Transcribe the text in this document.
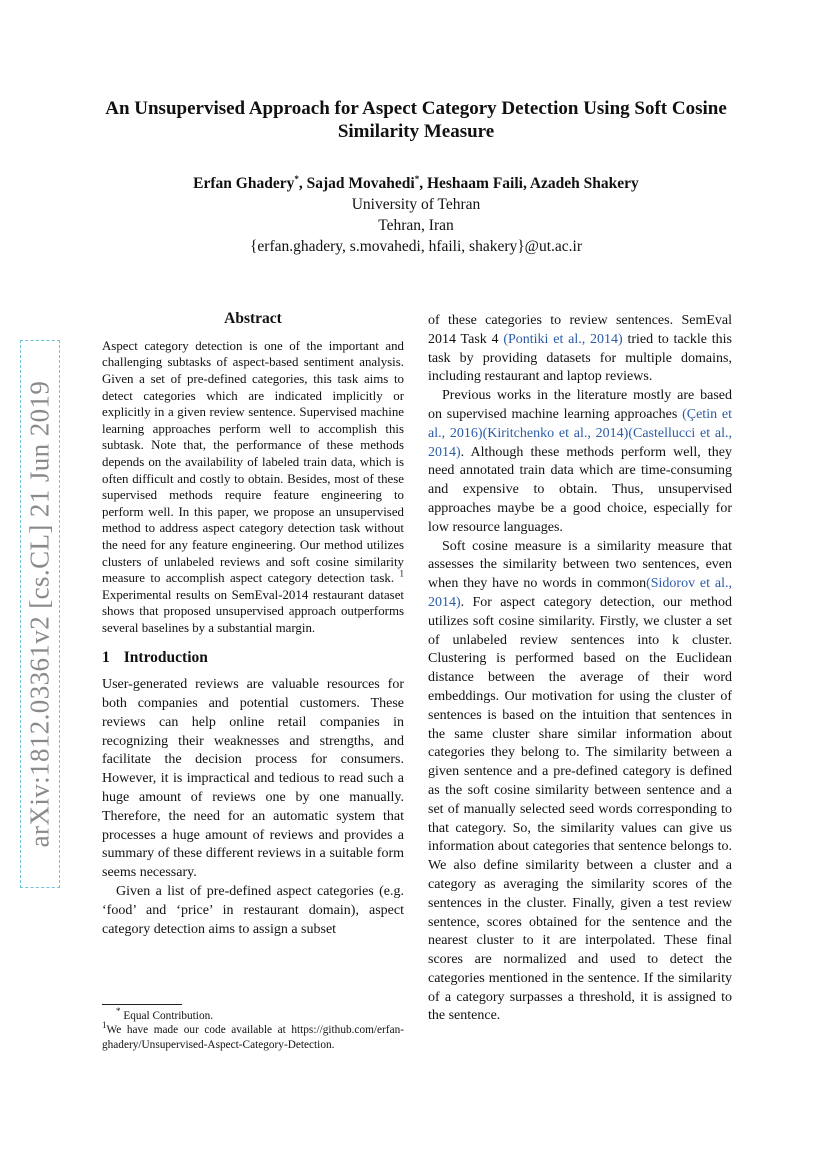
arXiv:1812.03361v2 [cs.CL] 21 Jun 2019
An Unsupervised Approach for Aspect Category Detection Using Soft Cosine Similarity Measure
Erfan Ghadery*, Sajad Movahedi*, Heshaam Faili, Azadeh Shakery
University of Tehran
Tehran, Iran
{erfan.ghadery, s.movahedi, hfaili, shakery}@ut.ac.ir
Abstract

Aspect category detection is one of the important and challenging subtasks of aspect-based sentiment analysis. Given a set of pre-defined categories, this task aims to detect categories which are indicated implicitly or explicitly in a given review sentence. Supervised machine learning approaches perform well to accomplish this subtask. Note that, the performance of these methods depends on the availability of labeled train data, which is often difficult and costly to obtain. Besides, most of these supervised methods require feature engineering to perform well. In this paper, we propose an unsupervised method to address aspect category detection task without the need for any feature engineering. Our method utilizes clusters of unlabeled reviews and soft cosine similarity measure to accomplish aspect category detection task. $^1$ Experimental results on SemEval-2014 restaurant dataset shows that proposed unsupervised approach outperforms several baselines by a substantial margin.

1 Introduction

User-generated reviews are valuable resources for both companies and potential customers. These reviews can help online retail companies in recognizing their weaknesses and strengths, and facilitate the decision process for consumers. However, it is impractical and tedious to read such a huge amount of reviews one by one manually. Therefore, the need for an automatic system that processes a huge amount of reviews and provides a summary of these different reviews in a suitable form seems necessary.

Given a list of pre-defined aspect categories (e.g. ‘food’ and ‘price’ in restaurant domain), aspect category detection aims to assign a subset

* Equal Contribution.

$^1$We have made our code available at https://github.com/erfan-ghadery/Unsupervised-Aspect-Category-Detection.

of these categories to review sentences. SemEval 2014 Task 4 (Pontiki et al., 2014) tried to tackle this task by providing datasets for multiple domains, including restaurant and laptop reviews.

Previous works in the literature mostly are based on supervised machine learning approaches (Çetin et al., 2016)(Kiritchenko et al., 2014)(Castellucci et al., 2014). Although these methods perform well, they need annotated train data which are time-consuming and expensive to obtain. Thus, unsupervised approaches maybe be a good choice, especially for low resource languages.

Soft cosine measure is a similarity measure that assesses the similarity between two sentences, even when they have no words in common(Sidorov et al., 2014). For aspect category detection, our method utilizes soft cosine similarity. Firstly, we cluster a set of unlabeled review sentences into k cluster. Clustering is performed based on the Euclidean distance between the average of their word embeddings. Our motivation for using the cluster of sentences is based on the intuition that sentences in the same cluster share similar information about categories they belong to. The similarity between a given sentence and a pre-defined category is defined as the soft cosine similarity between sentence and a set of manually selected seed words corresponding to that category. So, the similarity values can give us information about categories that sentence belongs to. We also define similarity between a cluster and a category as averaging the similarity scores of the sentences in the cluster. Finally, given a test review sentence, scores obtained for the sentence and the nearest cluster to it are interpolated. These final scores are normalized and used to detect the categories mentioned in the sentence. If the similarity of a category surpasses a threshold, it is assigned to the sentence.
